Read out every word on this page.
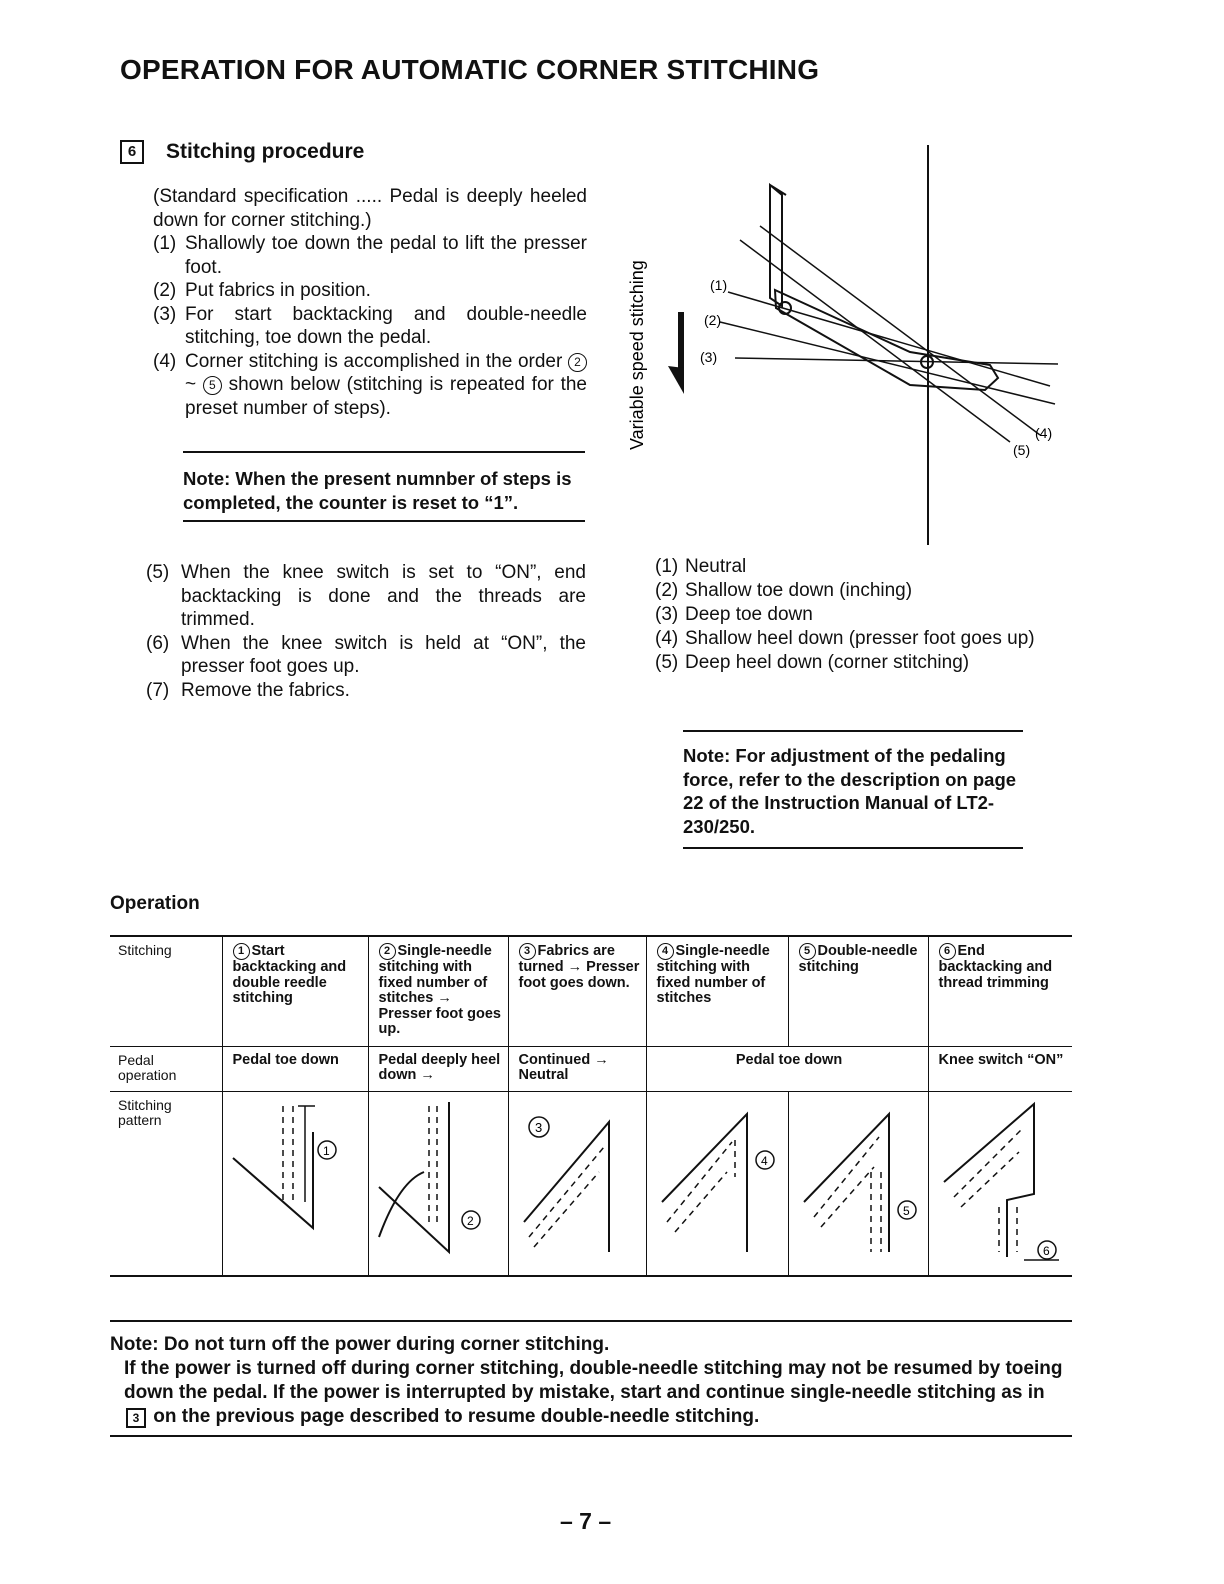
OPERATION FOR AUTOMATIC CORNER STITCHING
6	Stitching procedure

(Standard specification ..... Pedal is deeply heeled down for corner stitching.)

(1) Shallowly toe down the pedal to lift the presser foot.
(2) Put fabrics in position.
(3) For start backtacking and double-needle stitching, toe down the pedal.
(4) Corner stitching is accomplished in the order 2 ~ 5 shown below (stitching is repeated for the preset number of steps).
Note: When the present numnber of steps is completed, the counter is reset to “1”.
(5) When the knee switch is set to “ON”, end backtacking is done and the threads are trimmed.
(6) When the knee switch is held at “ON”, the presser foot goes up.
(7) Remove the fabrics.
Variable speed stitching	(1)
(2)
(3)
(4)
(5)
(1) Neutral
(2) Shallow toe down (inching)
(3) Deep toe down
(4) Shallow heel down (presser foot goes up)
(5) Deep heel down (corner stitching)
Note: For adjustment of the pedaling force, refer to the description on page 22 of the Instruction Manual of LT2-230/250.
Operation
Stitching	1 Start backtacking and double reedle stitching	2 Single-needle stitching with fixed number of stitches → Presser foot goes up.	3 Fabrics are turned → Presser foot goes down.	4 Single-needle stitching with fixed number of stitches	5 Double-needle stitching	6 End backtacking and thread trimming
Pedal operation	Pedal toe down	Pedal deeply heel down →	Continued → Neutral	Pedal toe down		Knee switch “ON”
Stitching pattern	1	2	3	4	5	6
Note: Do not turn off the power during corner stitching.
If the power is turned off during corner stitching, double-needle stitching may not be resumed by toeing down the pedal. If the power is interrupted by mistake, start and continue single-needle stitching as in 3 on the previous page described to resume double-needle stitching.
– 7 –
